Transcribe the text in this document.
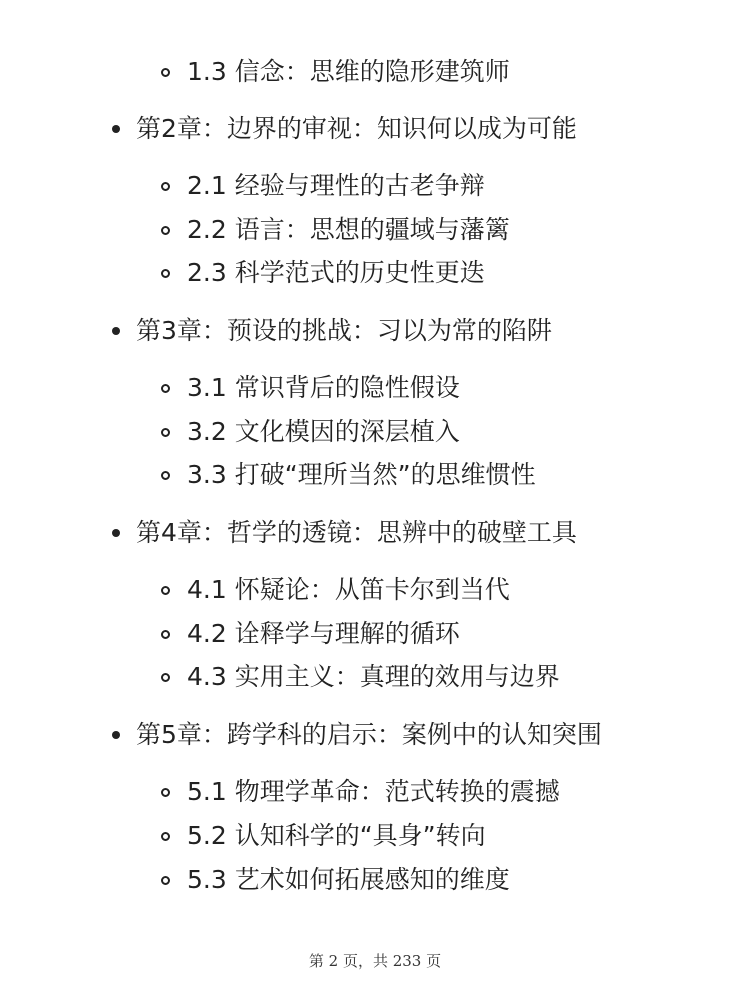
1.3 信念：思维的隐形建筑师
第2章：边界的审视：知识何以成为可能
2.1 经验与理性的古老争辩
2.2 语言：思想的疆域与藩篱
2.3 科学范式的历史性更迭
第3章：预设的挑战：习以为常的陷阱
3.1 常识背后的隐性假设
3.2 文化模因的深层植入
3.3 打破“理所当然”的思维惯性
第4章：哲学的透镜：思辨中的破壁工具
4.1 怀疑论：从笛卡尔到当代
4.2 诠释学与理解的循环
4.3 实用主义：真理的效用与边界
第5章：跨学科的启示：案例中的认知突围
5.1 物理学革命：范式转换的震撼
5.2 认知科学的“具身”转向
5.3 艺术如何拓展感知的维度
第 2 页，共 233 页
